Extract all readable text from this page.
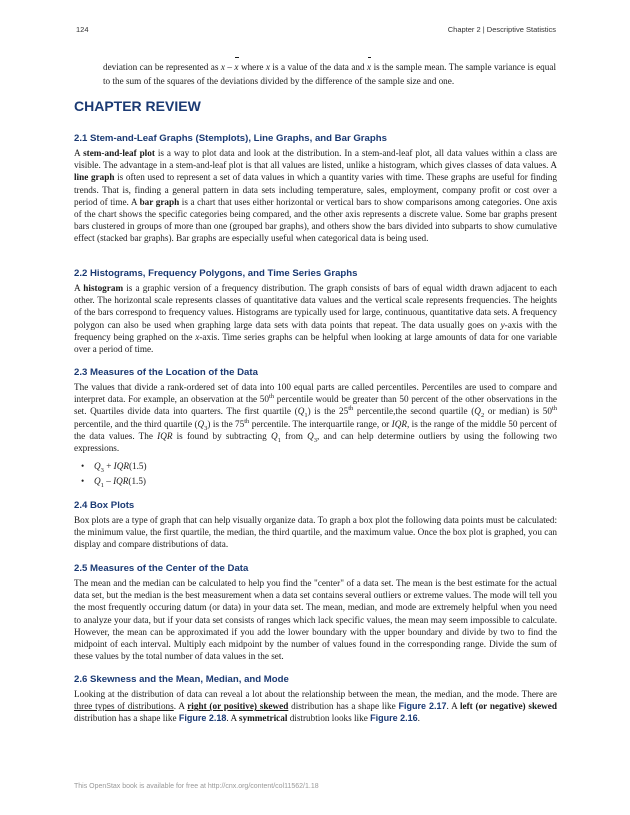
124	Chapter 2 | Descriptive Statistics

deviation can be represented as x – x where x is a value of the data and x is the sample mean. The sample variance is equal to the sum of the squares of the deviations divided by the difference of the sample size and one.

CHAPTER REVIEW
2.1 Stem-and-Leaf Graphs (Stemplots), Line Graphs, and Bar Graphs

A stem-and-leaf plot is a way to plot data and look at the distribution. In a stem-and-leaf plot, all data values within a class are visible. The advantage in a stem-and-leaf plot is that all values are listed, unlike a histogram, which gives classes of data values. A line graph is often used to represent a set of data values in which a quantity varies with time. These graphs are useful for finding trends. That is, finding a general pattern in data sets including temperature, sales, employment, company profit or cost over a period of time. A bar graph is a chart that uses either horizontal or vertical bars to show comparisons among categories. One axis of the chart shows the specific categories being compared, and the other axis represents a discrete value. Some bar graphs present bars clustered in groups of more than one (grouped bar graphs), and others show the bars divided into subparts to show cumulative effect (stacked bar graphs). Bar graphs are especially useful when categorical data is being used.

2.2 Histograms, Frequency Polygons, and Time Series Graphs

A histogram is a graphic version of a frequency distribution. The graph consists of bars of equal width drawn adjacent to each other. The horizontal scale represents classes of quantitative data values and the vertical scale represents frequencies. The heights of the bars correspond to frequency values. Histograms are typically used for large, continuous, quantitative data sets. A frequency polygon can also be used when graphing large data sets with data points that repeat. The data usually goes on y-axis with the frequency being graphed on the x-axis. Time series graphs can be helpful when looking at large amounts of data for one variable over a period of time.

2.3 Measures of the Location of the Data

The values that divide a rank-ordered set of data into 100 equal parts are called percentiles. Percentiles are used to compare and interpret data. For example, an observation at the 50th percentile would be greater than 50 percent of the other observations in the set. Quartiles divide data into quarters. The first quartile $(Q_1)$ is the 25th percentile,the second quartile ($Q_2$ or median) is 50th percentile, and the third quartile $(Q_3)$ is the 75th percentile. The interquartile range, or IQR, is the range of the middle 50 percent of the data values. The IQR is found by subtracting $Q_1$ from $Q_3$, and can help determine outliers by using the following two expressions.

• $Q_3 + IQR(1.5)$
• $Q_1 - IQR(1.5)$
2.4 Box Plots

Box plots are a type of graph that can help visually organize data. To graph a box plot the following data points must be calculated: the minimum value, the first quartile, the median, the third quartile, and the maximum value. Once the box plot is graphed, you can display and compare distributions of data.

2.5 Measures of the Center of the Data

The mean and the median can be calculated to help you find the "center" of a data set. The mean is the best estimate for the actual data set, but the median is the best measurement when a data set contains several outliers or extreme values. The mode will tell you the most frequently occuring datum (or data) in your data set. The mean, median, and mode are extremely helpful when you need to analyze your data, but if your data set consists of ranges which lack specific values, the mean may seem impossible to calculate. However, the mean can be approximated if you add the lower boundary with the upper boundary and divide by two to find the midpoint of each interval. Multiply each midpoint by the number of values found in the corresponding range. Divide the sum of these values by the total number of data values in the set.

2.6 Skewness and the Mean, Median, and Mode

Looking at the distribution of data can reveal a lot about the relationship between the mean, the median, and the mode. There are three types of distributions. A right (or positive) skewed distribution has a shape like Figure 2.17. A left (or negative) skewed distribution has a shape like Figure 2.18. A symmetrical distrubtion looks like Figure 2.16.

This OpenStax book is available for free at http://cnx.org/content/col11562/1.18
